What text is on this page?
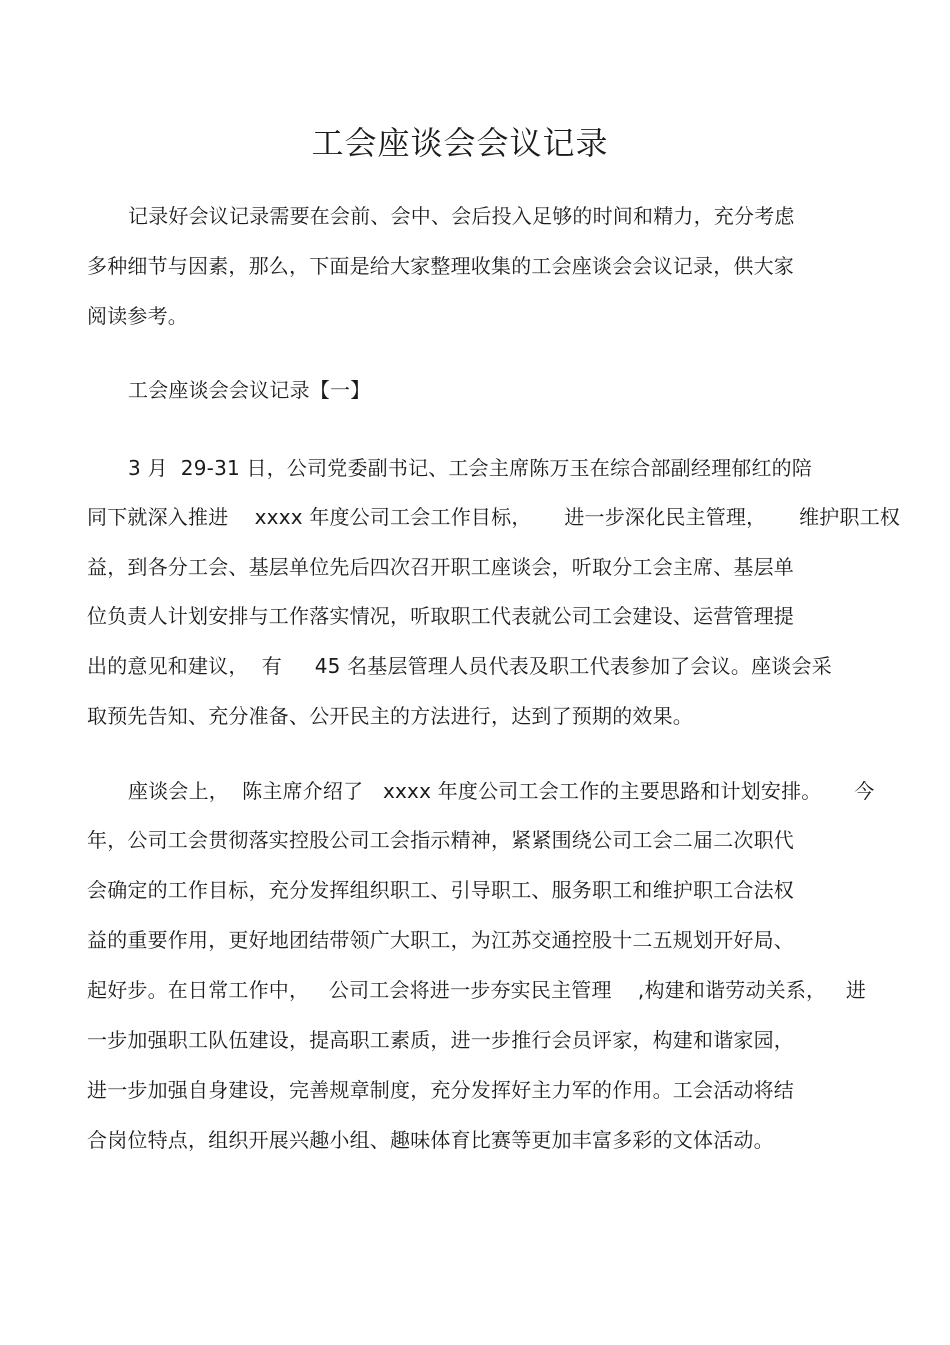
工会座谈会会议记录
记录好会议记录需要在会前、会中、会后投入足够的时间和精力，充分考虑
多种细节与因素，那么，下面是给大家整理收集的工会座谈会会议记录，供大家
阅读参考。
工会座谈会会议记录【一】
3 月  29-31 日，公司党委副书记、工会主席陈万玉在综合部副经理郁红的陪
同下就深入推进    xxxx 年度公司工会工作目标，     进一步深化民主管理，     维护职工权
益，到各分工会、基层单位先后四次召开职工座谈会，听取分工会主席、基层单
位负责人计划安排与工作落实情况，听取职工代表就公司工会建设、运营管理提
出的意见和建议，  有     45 名基层管理人员代表及职工代表参加了会议。座谈会采
取预先告知、充分准备、公开民主的方法进行，达到了预期的效果。
座谈会上，  陈主席介绍了   xxxx 年度公司工会工作的主要思路和计划安排。     今
年，公司工会贯彻落实控股公司工会指示精神，紧紧围绕公司工会二届二次职代
会确定的工作目标，充分发挥组织职工、引导职工、服务职工和维护职工合法权
益的重要作用，更好地团结带领广大职工，为江苏交通控股十二五规划开好局、
起好步。在日常工作中，   公司工会将进一步夯实民主管理    ,构建和谐劳动关系，   进
一步加强职工队伍建设，提高职工素质，进一步推行会员评家，构建和谐家园，
进一步加强自身建设，完善规章制度，充分发挥好主力军的作用。工会活动将结
合岗位特点，组织开展兴趣小组、趣味体育比赛等更加丰富多彩的文体活动。
